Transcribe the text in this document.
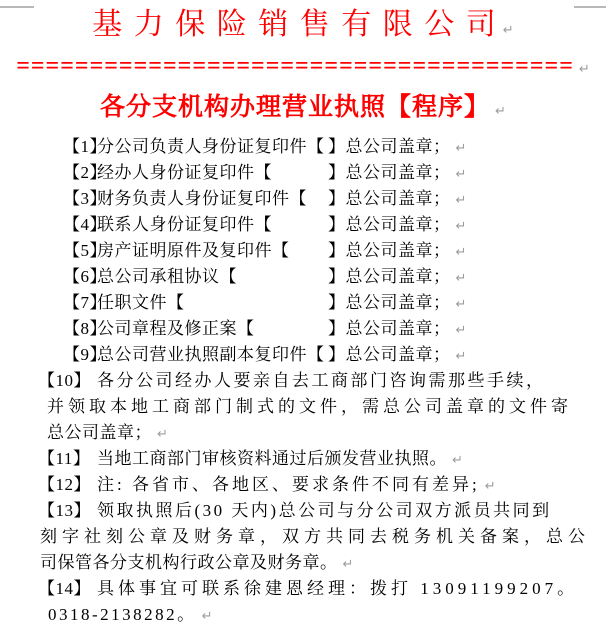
基 力 保 险 销 售 有 限 公 司 ↵
====================================== ↵
各分支机构办理营业执照【程序】 ↵
【1】
分公司负责人身份证复印件【 】总公司盖章； ↵
【2】
经办人身份证复印件【	】总公司盖章； ↵
【3】
财务负责人身份证复印件【	】总公司盖章； ↵
【4】
联系人身份证复印件【	】总公司盖章； ↵
【5】
房产证明原件及复印件【	】总公司盖章； ↵
【6】
总公司承租协议【	】总公司盖章； ↵
【7】
任职文件【	】总公司盖章； ↵
【8】
公司章程及修正案【	】总公司盖章； ↵
【9】
总公司营业执照副本复印件【 】总公司盖章； ↵
【10】 各分公司经办人要亲自去工商部门咨询需那些手续，
并领取本地工商部门制式的文件，需总公司盖章的文件寄
总公司盖章； ↵
【11】 当地工商部门审核资料通过后颁发营业执照。 ↵
【12】 注: 各省市、各地区、要求条件不同有差异; ↵
【13】 领取执照后(30 天内)总公司与分公司双方派员共同到
刻字社刻公章及财务章，双方共同去税务机关备案，总公
司保管各分支机构行政公章及财务章。 ↵
【14】 具体事宜可联系徐建恩经理：拨打 13091199207。
0318-2138282。 ↵
